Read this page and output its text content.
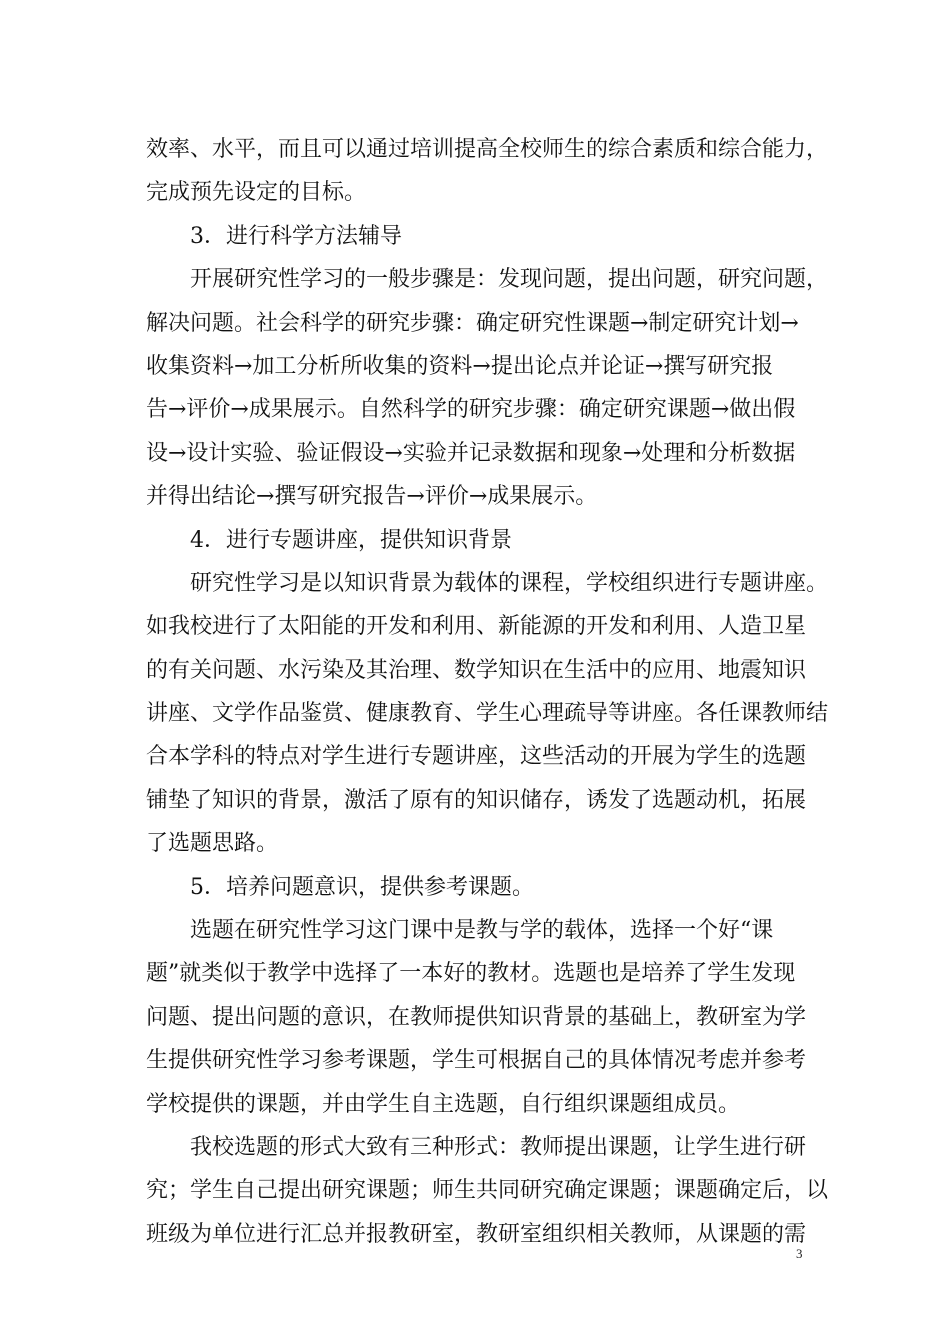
效率、水平，而且可以通过培训提高全校师生的综合素质和综合能力，
完成预先设定的目标。
3．进行科学方法辅导
开展研究性学习的一般步骤是：发现问题，提出问题，研究问题，
解决问题。社会科学的研究步骤：确定研究性课题→制定研究计划→
收集资料→加工分析所收集的资料→提出论点并论证→撰写研究报
告→评价→成果展示。自然科学的研究步骤：确定研究课题→做出假
设→设计实验、验证假设→实验并记录数据和现象→处理和分析数据
并得出结论→撰写研究报告→评价→成果展示。
4．进行专题讲座，提供知识背景
研究性学习是以知识背景为载体的课程，学校组织进行专题讲座。
如我校进行了太阳能的开发和利用、新能源的开发和利用、人造卫星
的有关问题、水污染及其治理、数学知识在生活中的应用、地震知识
讲座、文学作品鉴赏、健康教育、学生心理疏导等讲座。各任课教师结
合本学科的特点对学生进行专题讲座，这些活动的开展为学生的选题
铺垫了知识的背景，激活了原有的知识储存，诱发了选题动机，拓展
了选题思路。
5．培养问题意识，提供参考课题。
选题在研究性学习这门课中是教与学的载体，选择一个好“课
题”就类似于教学中选择了一本好的教材。选题也是培养了学生发现
问题、提出问题的意识，在教师提供知识背景的基础上，教研室为学
生提供研究性学习参考课题，学生可根据自己的具体情况考虑并参考
学校提供的课题，并由学生自主选题，自行组织课题组成员。
我校选题的形式大致有三种形式：教师提出课题，让学生进行研
究；学生自己提出研究课题；师生共同研究确定课题；课题确定后，以
班级为单位进行汇总并报教研室，教研室组织相关教师，从课题的需
3
